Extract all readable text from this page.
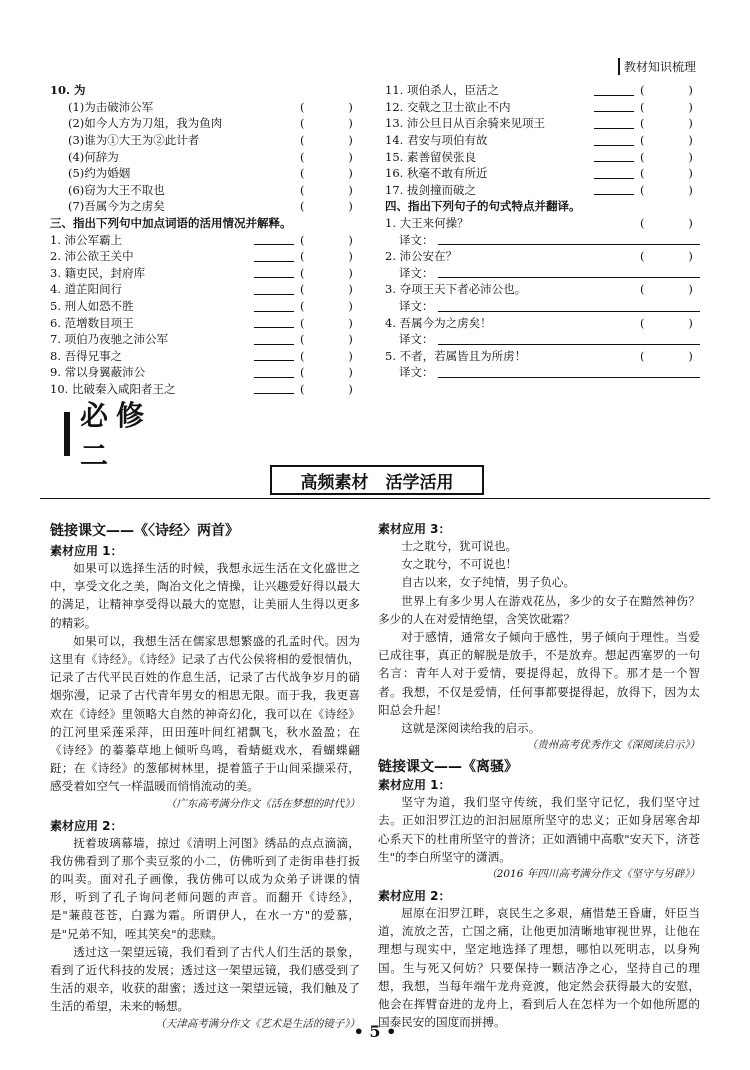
教材知识梳理
10. 为
(1)为击破沛公军	(            )
(2)如今人方为刀俎，我为鱼肉	(            )
(3)谁为①大王为②此计者	(            )
(4)何辞为	(            )
(5)约为婚姻	(            )
(6)窃为大王不取也	(            )
(7)吾属今为之虏矣	(            )
三、指出下列句中加点词语的活用情况并解释。
1. 沛公军霸上	(            )
2. 沛公欲王关中	(            )
3. 籍吏民，封府库	(            )
4. 道芷阳间行	(            )
5. 刑人如恐不胜	(            )
6. 范增数目项王	(            )
7. 项伯乃夜驰之沛公军	(            )
8. 吾得兄事之	(            )
9. 常以身翼蔽沛公	(            )
10. 比破秦入咸阳者王之	(            )
11. 项伯杀人，臣活之	(            )
12. 交戟之卫士欲止不内	(            )
13. 沛公旦日从百余骑来见项王	(            )
14. 君安与项伯有故	(            )
15. 素善留侯张良	(            )
16. 秋毫不敢有所近	(            )
17. 拔剑撞而破之	(            )
四、指出下列句子的句式特点并翻译。
1. 大王来何操？	(            )
译文：
2. 沛公安在？	(            )
译文：
3. 夺项王天下者必沛公也。	(            )
译文：
4. 吾属今为之虏矣！	(            )
译文：
5. 不者，若属皆且为所虏！	(            )
译文：
必修二
高频素材　活学活用
链接课文——《〈诗经〉两首》
素材应用 1：
如果可以选择生活的时候，我想永远生活在文化盛世之中，享受文化之美，陶冶文化之情操，让兴趣爱好得以最大的满足，让精神享受得以最大的宽慰，让美丽人生得以更多的精彩。
如果可以，我想生活在儒家思想繁盛的孔孟时代。因为这里有《诗经》。《诗经》记录了古代公侯将相的爱恨情仇，记录了古代平民百姓的作息生活，记录了古代战争岁月的硝烟弥漫，记录了古代青年男女的相思无限。而于我，我更喜欢在《诗经》里领略大自然的神奇幻化，我可以在《诗经》的江河里采莲采萍，田田莲叶间红裙飘飞，秋水盈盈；在《诗经》的蓁蓁草地上倾听鸟鸣，看蜻蜓戏水，看蝴蝶翩跹；在《诗经》的葱郁树林里，提着篮子于山间采撷采苻，感受着如空气一样温暖而悄悄流动的美。
（广东高考满分作文《活在梦想的时代》）
素材应用 2：
抚着玻璃幕墙，掠过《清明上河图》绣品的点点滴滴，我仿佛看到了那个卖豆浆的小二，仿佛听到了走街串巷打扳的叫卖。面对孔子画像，我仿佛可以成为众弟子讲课的情形，听到了孔子询问老师问题的声音。而翻开《诗经》，是"蒹葭苍苍，白露为霜。所谓伊人，在水一方"的爱慕，是"兄弟不知，咥其笑矣"的悲赎。
透过这一架望远镜，我们看到了古代人们生活的景象，看到了近代科技的发展；透过这一架望远镜，我们感受到了生活的艰辛，收获的甜蜜；透过这一架望远镜，我们触及了生活的希望，未来的畅想。
（天津高考满分作文《艺术是生活的镜子》）
素材应用 3：
士之耽兮，犹可说也。
女之耽兮，不可说也！
自古以来，女子纯情，男子负心。
世界上有多少男人在游戏花丛，多少的女子在黯然神伤？多少的人在对爱情绝望，含笑饮砒霜？
对于感情，通常女子倾向于感性，男子倾向于理性。当爱已成往事，真正的解脱是放手，不是放弃。想起西塞罗的一句名言：青年人对于爱情，要提得起，放得下。那才是一个智者。我想，不仅是爱情，任何事都要提得起，放得下，因为太阳总会升起！
这就是深阅读给我的启示。
（贵州高考优秀作文《深阅读启示》）
链接课文——《离骚》
素材应用 1：
坚守为道，我们坚守传统，我们坚守记忆，我们坚守过去。正如汨罗江边的汩汩屈原所坚守的忠义；正如身居寒舍却心系天下的杜甫所坚守的普济；正如酒铺中高歌"安天下，济苍生"的李白所坚守的潇洒。
（2016 年四川高考满分作文《坚守与另辟》）
素材应用 2：
屈原在汨罗江畔，哀民生之多艰，痛惜楚王昏庸，奸臣当道，流放之苦，亡国之痛，让他更加清晰地审视世界，让他在理想与现实中，坚定地选择了理想，哪怕以死明志，以身殉国。生与死又何妨？只要保持一颗洁净之心，坚持自己的理想，我想，当每年端午龙舟竞渡，他定然会获得最大的安慰，他会在挥臂奋进的龙舟上，看到后人在怎样为一个如他所愿的国泰民安的国度而拼搏。
• 5 •
